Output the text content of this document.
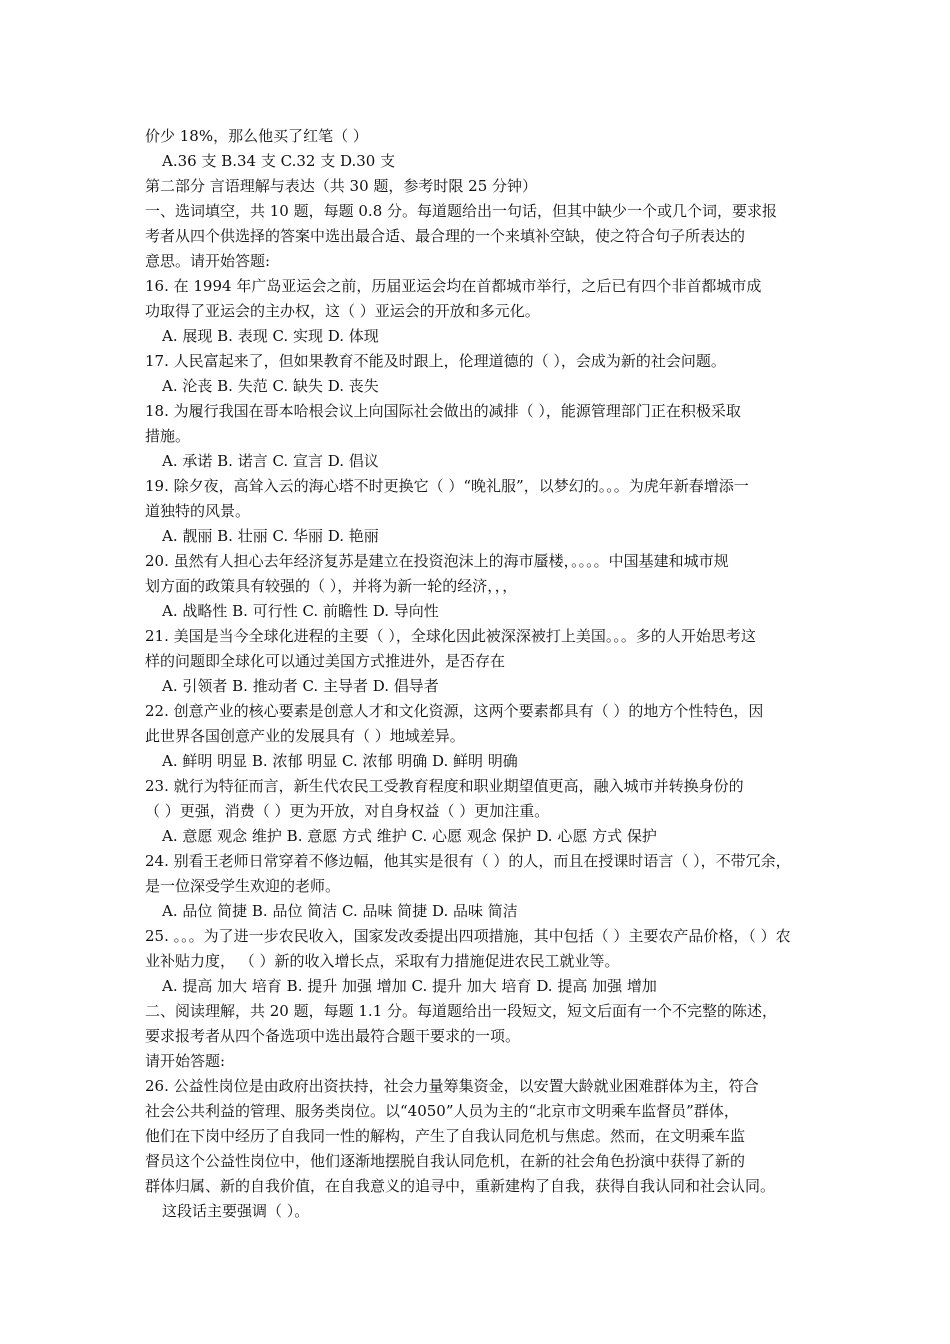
价少 18%，那么他买了红笔（ ）
A.36 支 B.34 支 C.32 支 D.30 支
第二部分 言语理解与表达（共 30 题，参考时限 25 分钟）
一、选词填空，共 10 题，每题 0.8 分。每道题给出一句话，但其中缺少一个或几个词，要求报
考者从四个供选择的答案中选出最合适、最合理的一个来填补空缺，使之符合句子所表达的
意思。请开始答题:
16. 在 1994 年广岛亚运会之前，历届亚运会均在首都城市举行，之后已有四个非首都城市成
功取得了亚运会的主办权，这（ ）亚运会的开放和多元化。
A. 展现 B. 表现 C. 实现 D. 体现
17. 人民富起来了，但如果教育不能及时跟上，伦理道德的（ ），会成为新的社会问题。
A. 沦丧 B. 失范 C. 缺失 D. 丧失
18. 为履行我国在哥本哈根会议上向国际社会做出的减排（ ），能源管理部门正在积极采取
措施。
A. 承诺 B. 诺言 C. 宣言 D. 倡议
19. 除夕夜，高耸入云的海心塔不时更换它（ ）“晚礼服”，以梦幻的。。。为虎年新春增添一
道独特的风景。
A. 靓丽 B. 壮丽 C. 华丽 D. 艳丽
20. 虽然有人担心去年经济复苏是建立在投资泡沫上的海市蜃楼，。。。。中国基建和城市规
划方面的政策具有较强的（ ），并将为新一轮的经济，，，
A. 战略性 B. 可行性 C. 前瞻性 D. 导向性
21. 美国是当今全球化进程的主要（ ），全球化因此被深深被打上美国。。。多的人开始思考这
样的问题即全球化可以通过美国方式推进外，是否存在
A. 引领者 B. 推动者 C. 主导者 D. 倡导者
22. 创意产业的核心要素是创意人才和文化资源，这两个要素都具有（ ）的地方个性特色，因
此世界各国创意产业的发展具有（ ）地域差异。
A. 鲜明 明显 B. 浓郁 明显 C. 浓郁 明确 D. 鲜明 明确
23. 就行为特征而言，新生代农民工受教育程度和职业期望值更高，融入城市并转换身份的
（ ）更强，消费（ ）更为开放，对自身权益（ ）更加注重。
A. 意愿 观念 维护 B. 意愿 方式 维护 C. 心愿 观念 保护 D. 心愿 方式 保护
24. 别看王老师日常穿着不修边幅，他其实是很有（ ）的人，而且在授课时语言（ ），不带冗余，
是一位深受学生欢迎的老师。
A. 品位 简捷 B. 品位 简洁 C. 品味 简捷 D. 品味 简洁
25. 。。。为了进一步农民收入，国家发改委提出四项措施，其中包括（ ）主要农产品价格，（ ）农
业补贴力度， （ ）新的收入增长点，采取有力措施促进农民工就业等。
A. 提高 加大 培育 B. 提升 加强 增加 C. 提升 加大 培育 D. 提高 加强 增加
二、阅读理解，共 20 题，每题 1.1 分。每道题给出一段短文，短文后面有一个不完整的陈述，
要求报考者从四个备选项中选出最符合题干要求的一项。
请开始答题:
26. 公益性岗位是由政府出资扶持，社会力量筹集资金，以安置大龄就业困难群体为主，符合
社会公共利益的管理、服务类岗位。以“4050”人员为主的“北京市文明乘车监督员”群体，
他们在下岗中经历了自我同一性的解构，产生了自我认同危机与焦虑。然而，在文明乘车监
督员这个公益性岗位中，他们逐渐地摆脱自我认同危机，在新的社会角色扮演中获得了新的
群体归属、新的自我价值，在自我意义的追寻中，重新建构了自我，获得自我认同和社会认同。
这段话主要强调（ ）。
